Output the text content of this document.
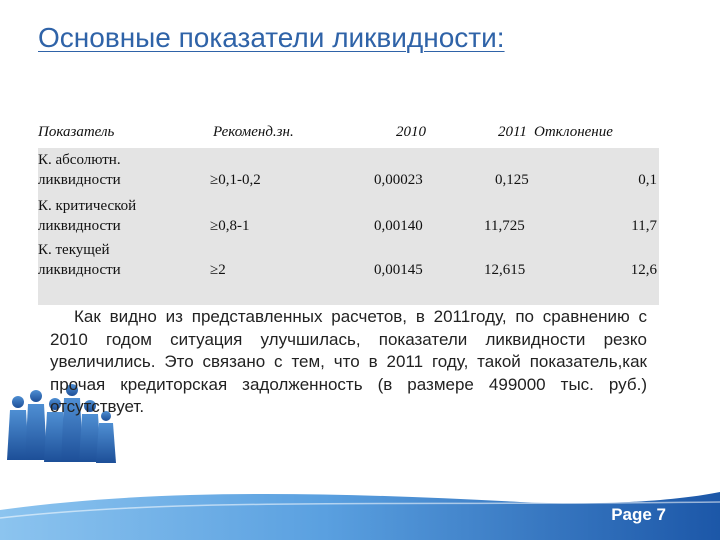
Основные показатели ликвидности:
Показатель	Рекоменд.зн.	2010	2011 Отклонение
К. абсолютн.
ликвидности	≥0,1-0,2	0,00023	0,125	0,1
К. критической
ликвидности	≥0,8-1	0,00140	11,725	11,7
К. текущей
ликвидности	≥2	0,00145	12,615	12,6
Как видно из представленных расчетов, в 2011году, по сравнению с 2010 годом ситуация улучшилась, показатели ликвидности резко увеличились. Это связано с тем, что в 2011 году, такой показатель,как прочая кредиторская задолженность (в размере 499000 тыс. руб.) отсутствует.
Page 7
